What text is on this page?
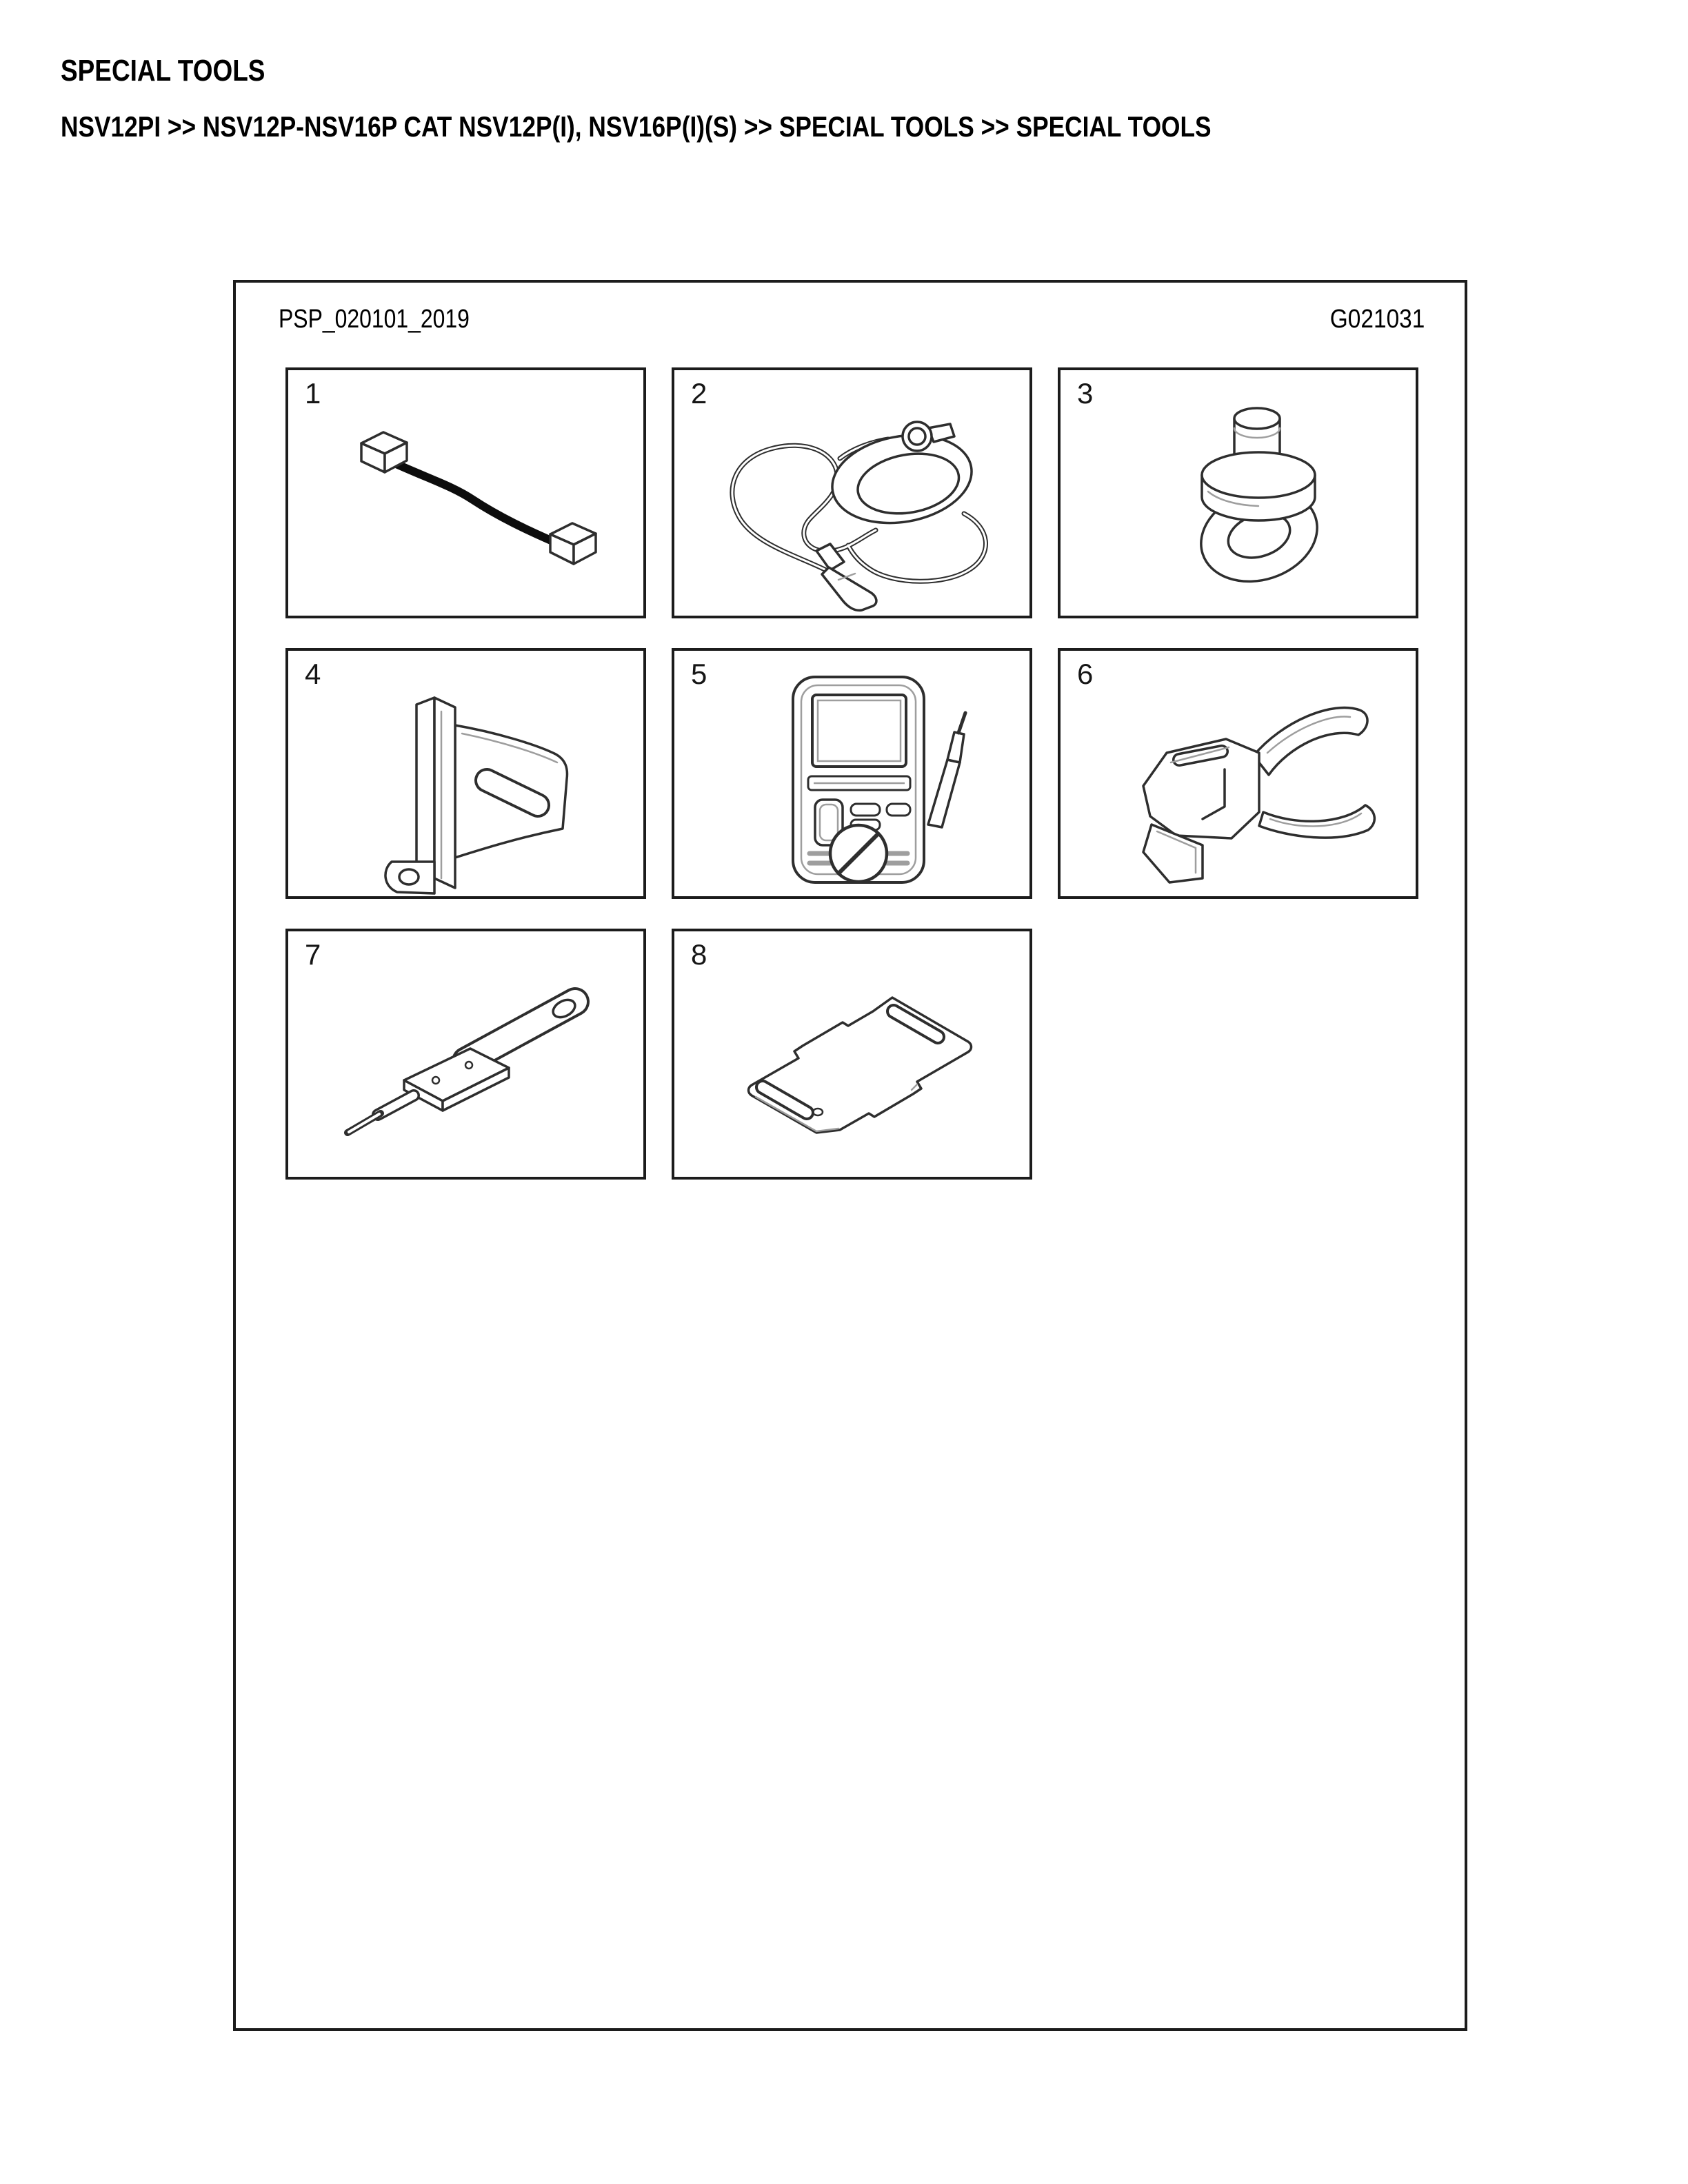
SPECIAL TOOLS
NSV12PI >> NSV12P-NSV16P CAT NSV12P(I), NSV16P(I)(S) >> SPECIAL TOOLS >> SPECIAL TOOLS
PSP_020101_2019	G021031
1	2	3
4	5	6
7	8
